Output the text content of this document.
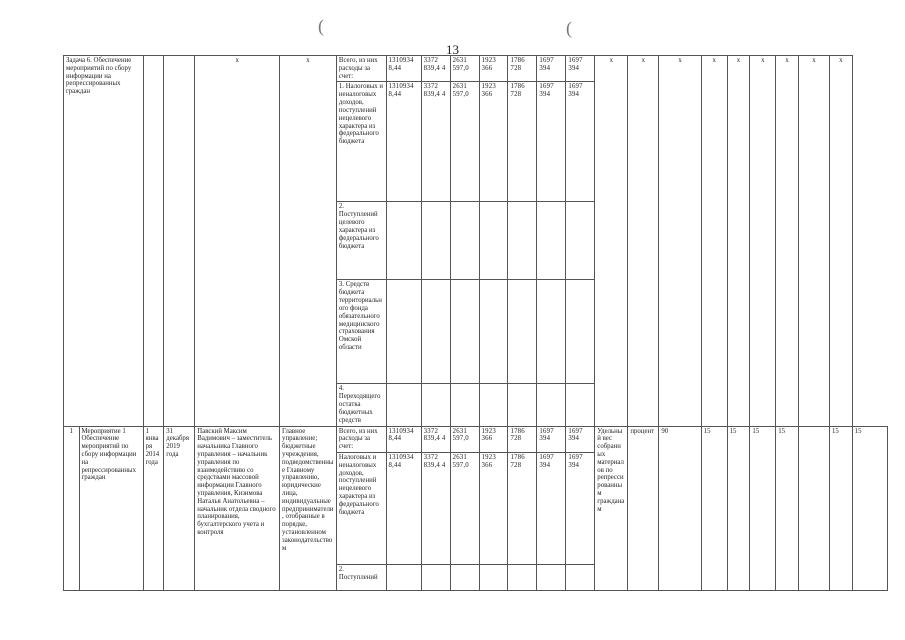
(	(
13
Задача 6. Обеспечение мероприятий по сбору информации на репрессированных граждан				x	x	Всего, из них расходы за счет:	1310934 8,44	3372 839,4 4	2631 597,0	1923 366	1786 728	1697 394	1697 394	x	x	x	x	x	x	x	x	x	
						1. Налоговых и неналоговых доходов, поступлений нецелевого характера из федерального бюджета	1310934 8,44	3372 839,4 4	2631 597,0	1923 366	1786 728	1697 394	1697 394										
						2. Поступлений целевого характера из федерального бюджета																	
						3. Средств бюджета территориального фонда обязательного медицинского страхования Омской области																	
						4. Переходящего остатка бюджетных средств																	
1	Мероприятие 1 Обеспечение мероприятий по сбору информации на репрессированных граждан	1 января 2014 года	31 декабря 2019 года	Павский Максим Вадимович – заместитель начальника Главного управления – начальник управления по взаимодействию со средствами массовой информации Главного управления, Кизимова Наталья Анатольевна – начальник отдела сводного планирования, бухгалтерского учета и контроля	Главное управление; бюджетные учреждения, подведомственные Главному управлению, юридические лица, индивидуальные предприниматели, отобранные в порядке, установленном законодательством	Всего, из них расходы за счет:	1310934 8,44	3372 839,4 4	2631 597,0	1923 366	1786 728	1697 394	1697 394	Удельный вес собранных материалов по репрессированным гражданам	процент	90	15	15	15	15		15	15
						Налоговых и неналоговых доходов, поступлений нецелевого характера из федерального бюджета	1310934 8,44	3372 839,4 4	2631 597,0	1923 366	1786 728	1697 394	1697 394										
						2. Поступлений																	
